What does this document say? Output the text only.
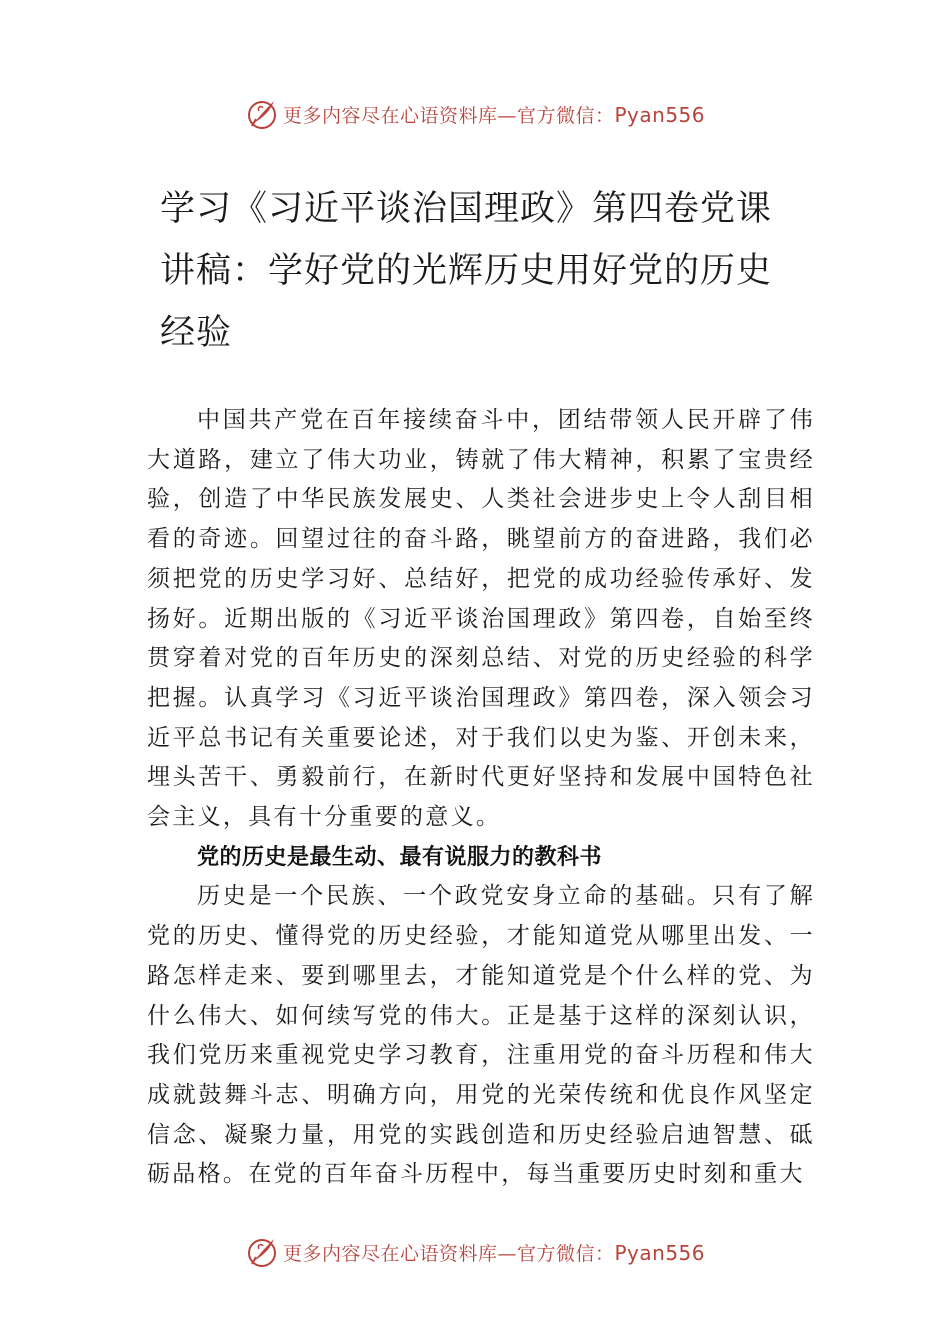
更多内容尽在心语资料库—官方微信：Pyan556
学习《习近平谈治国理政》第四卷党课讲稿：学好党的光辉历史用好党的历史经验

中国共产党在百年接续奋斗中，团结带领人民开辟了伟大道路，建立了伟大功业，铸就了伟大精神，积累了宝贵经验，创造了中华民族发展史、人类社会进步史上令人刮目相看的奇迹。回望过往的奋斗路，眺望前方的奋进路，我们必须把党的历史学习好、总结好，把党的成功经验传承好、发扬好。近期出版的《习近平谈治国理政》第四卷，自始至终贯穿着对党的百年历史的深刻总结、对党的历史经验的科学把握。认真学习《习近平谈治国理政》第四卷，深入领会习近平总书记有关重要论述，对于我们以史为鉴、开创未来， 埋头苦干、勇毅前行，在新时代更好坚持和发展中国特色社会主义，具有十分重要的意义。

党的历史是最生动、最有说服力的教科书

历史是一个民族、一个政党安身立命的基础。只有了解党的历史、懂得党的历史经验，才能知道党从哪里出发、一路怎样走来、要到哪里去，才能知道党是个什么样的党、为什么伟大、如何续写党的伟大。正是基于这样的深刻认识， 我们党历来重视党史学习教育，注重用党的奋斗历程和伟大成就鼓舞斗志、明确方向，用党的光荣传统和优良作风坚定信念、凝聚力量，用党的实践创造和历史经验启迪智慧、砥砺品格。在党的百年奋斗历程中，每当重要历史时刻和重大

更多内容尽在心语资料库—官方微信：Pyan556
